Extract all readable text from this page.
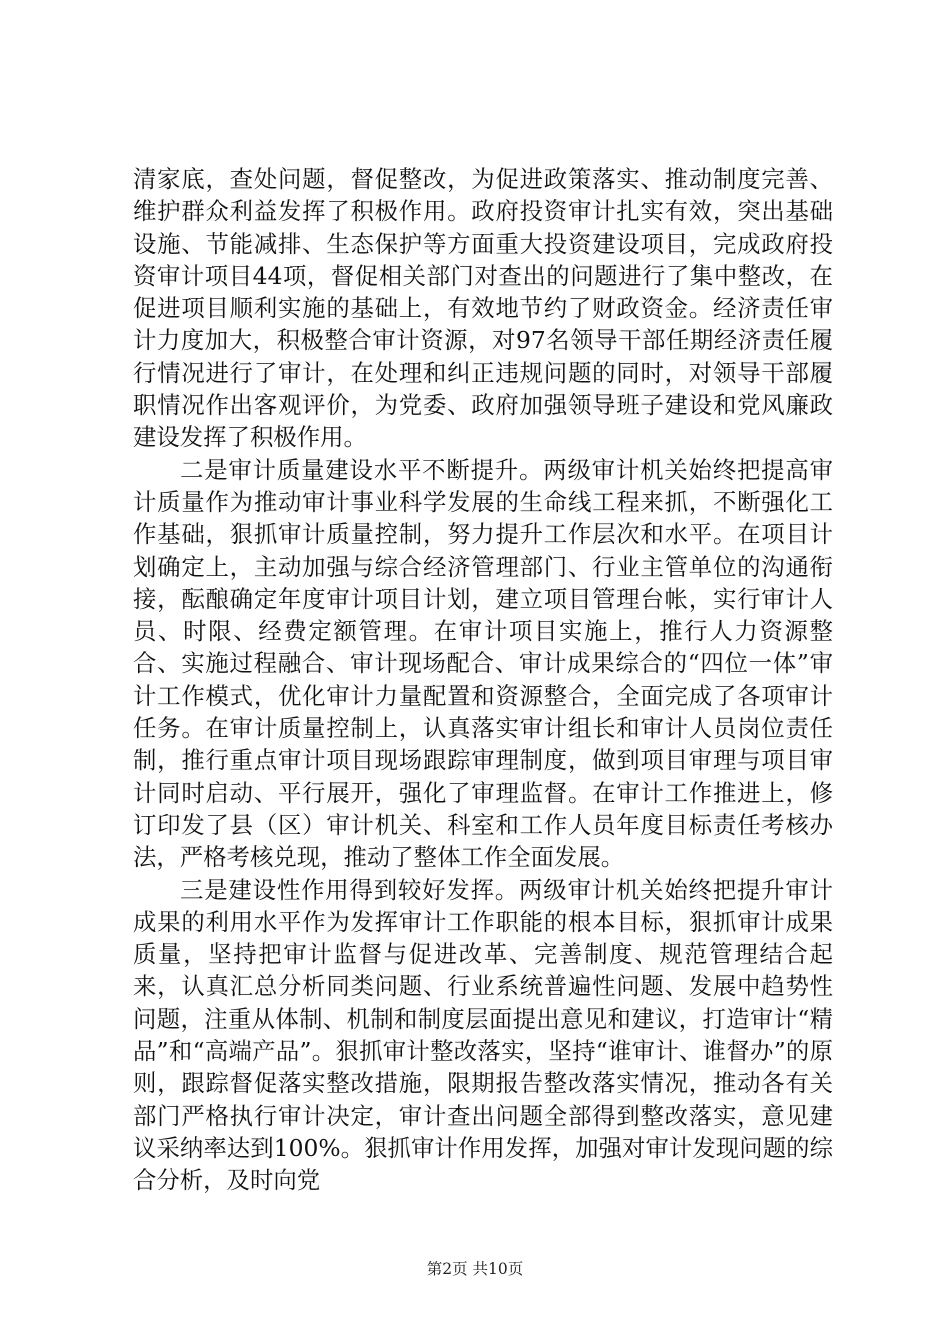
清家底，查处问题，督促整改，为促进政策落实、推动制度完善、维护群众利益发挥了积极作用。政府投资审计扎实有效，突出基础设施、节能减排、生态保护等方面重大投资建设项目，完成政府投资审计项目44项，督促相关部门对查出的问题进行了集中整改，在促进项目顺利实施的基础上，有效地节约了财政资金。经济责任审计力度加大，积极整合审计资源，对97名领导干部任期经济责任履行情况进行了审计，在处理和纠正违规问题的同时，对领导干部履职情况作出客观评价，为党委、政府加强领导班子建设和党风廉政建设发挥了积极作用。

二是审计质量建设水平不断提升。两级审计机关始终把提高审计质量作为推动审计事业科学发展的生命线工程来抓，不断强化工作基础，狠抓审计质量控制，努力提升工作层次和水平。在项目计划确定上，主动加强与综合经济管理部门、行业主管单位的沟通衔接，酝酿确定年度审计项目计划，建立项目管理台帐，实行审计人员、时限、经费定额管理。在审计项目实施上，推行人力资源整合、实施过程融合、审计现场配合、审计成果综合的“四位一体”审计工作模式，优化审计力量配置和资源整合，全面完成了各项审计任务。在审计质量控制上，认真落实审计组长和审计人员岗位责任制，推行重点审计项目现场跟踪审理制度，做到项目审理与项目审计同时启动、平行展开，强化了审理监督。在审计工作推进上，修订印发了县（区）审计机关、科室和工作人员年度目标责任考核办法，严格考核兑现，推动了整体工作全面发展。

三是建设性作用得到较好发挥。两级审计机关始终把提升审计成果的利用水平作为发挥审计工作职能的根本目标，狠抓审计成果质量，坚持把审计监督与促进改革、完善制度、规范管理结合起来，认真汇总分析同类问题、行业系统普遍性问题、发展中趋势性问题，注重从体制、机制和制度层面提出意见和建议，打造审计“精品”和“高端产品”。狠抓审计整改落实，坚持“谁审计、谁督办”的原则，跟踪督促落实整改措施，限期报告整改落实情况，推动各有关部门严格执行审计决定，审计查出问题全部得到整改落实，意见建议采纳率达到100%。狠抓审计作用发挥，加强对审计发现问题的综合分析，及时向党

第2页 共10页
